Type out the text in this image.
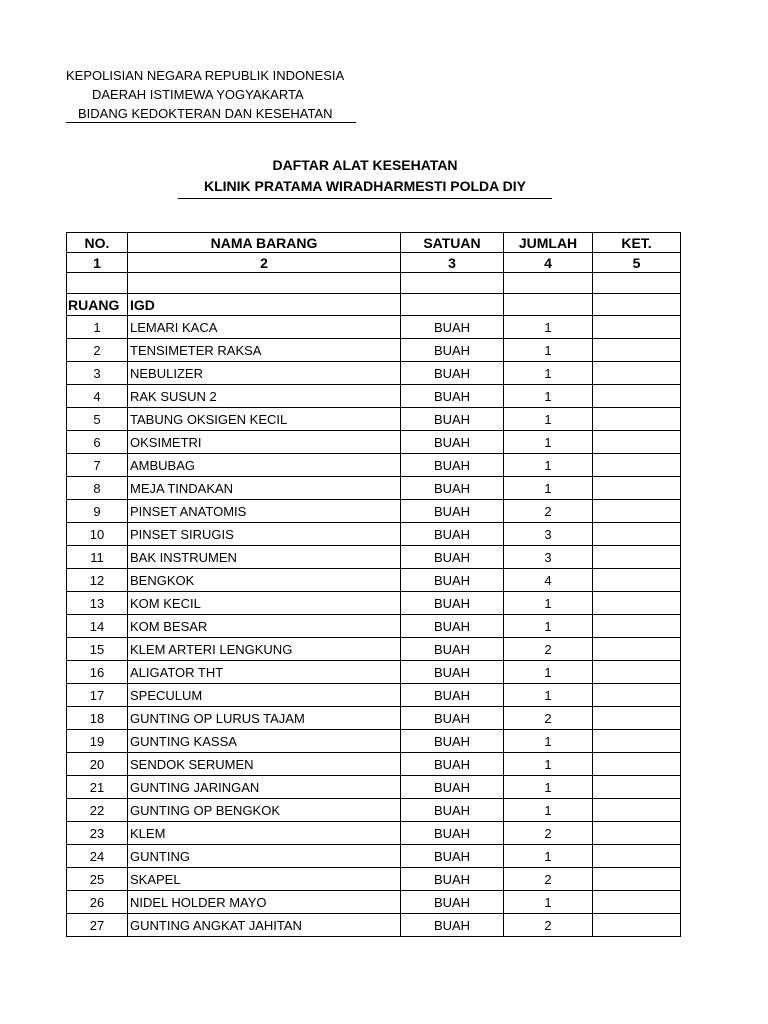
KEPOLISIAN NEGARA REPUBLIK INDONESIA
DAERAH ISTIMEWA YOGYAKARTA
BIDANG KEDOKTERAN DAN KESEHATAN
DAFTAR ALAT KESEHATAN
KLINIK PRATAMA WIRADHARMESTI POLDA DIY
NO.	NAMA BARANG	SATUAN	JUMLAH	KET.
1	2	3	4	5

RUANG	IGD			
1	LEMARI KACA	BUAH	1	
2	TENSIMETER RAKSA	BUAH	1	
3	NEBULIZER	BUAH	1	
4	RAK SUSUN 2	BUAH	1	
5	TABUNG OKSIGEN KECIL	BUAH	1	
6	OKSIMETRI	BUAH	1	
7	AMBUBAG	BUAH	1	
8	MEJA TINDAKAN	BUAH	1	
9	PINSET ANATOMIS	BUAH	2	
10	PINSET SIRUGIS	BUAH	3	
11	BAK INSTRUMEN	BUAH	3	
12	BENGKOK	BUAH	4	
13	KOM KECIL	BUAH	1	
14	KOM BESAR	BUAH	1	
15	KLEM ARTERI LENGKUNG	BUAH	2	
16	ALIGATOR THT	BUAH	1	
17	SPECULUM	BUAH	1	
18	GUNTING OP LURUS TAJAM	BUAH	2	
19	GUNTING KASSA	BUAH	1	
20	SENDOK SERUMEN	BUAH	1	
21	GUNTING JARINGAN	BUAH	1	
22	GUNTING OP BENGKOK	BUAH	1	
23	KLEM	BUAH	2	
24	GUNTING	BUAH	1	
25	SKAPEL	BUAH	2	
26	NIDEL HOLDER MAYO	BUAH	1	
27	GUNTING ANGKAT JAHITAN	BUAH	2	
